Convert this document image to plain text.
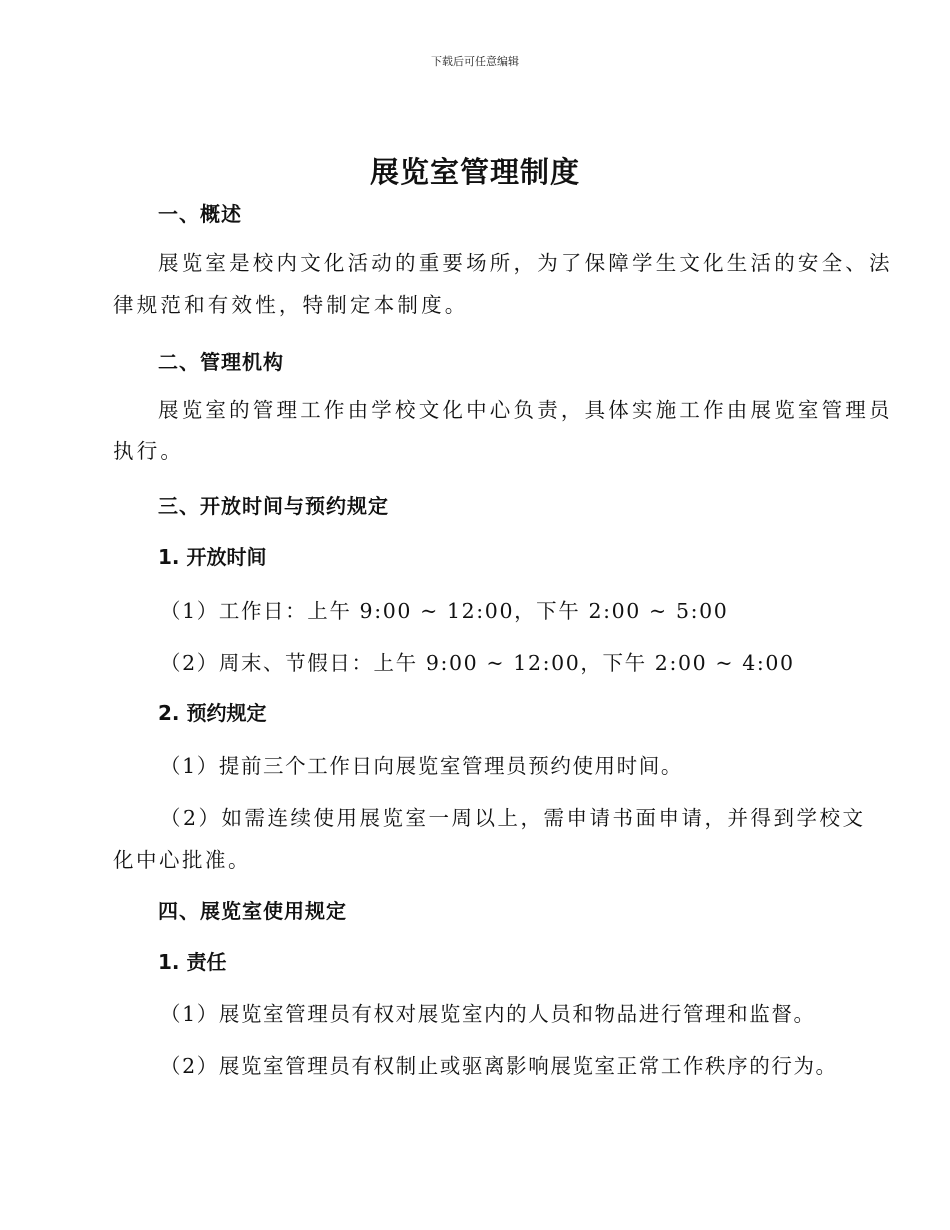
下载后可任意编辑
展览室管理制度
一、概述
展览室是校内文化活动的重要场所，为了保障学生文化生活的安全、法
律规范和有效性，特制定本制度。
二、管理机构
展览室的管理工作由学校文化中心负责，具体实施工作由展览室管理员
执行。
三、开放时间与预约规定
1. 开放时间
（1）工作日：上午 9:00 ~ 12:00，下午 2:00 ~ 5:00
（2）周末、节假日：上午 9:00 ~ 12:00，下午 2:00 ~ 4:00
2. 预约规定
（1）提前三个工作日向展览室管理员预约使用时间。
（2）如需连续使用展览室一周以上，需申请书面申请，并得到学校文
化中心批准。
四、展览室使用规定
1. 责任
（1）展览室管理员有权对展览室内的人员和物品进行管理和监督。
（2）展览室管理员有权制止或驱离影响展览室正常工作秩序的行为。
